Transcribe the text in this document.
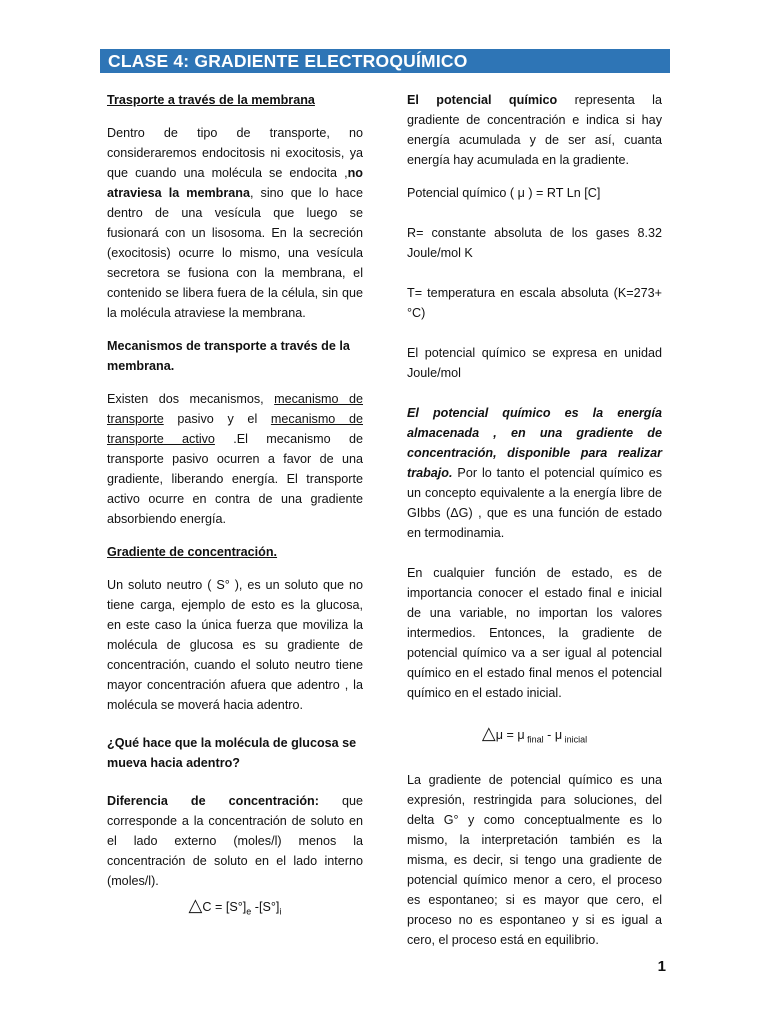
CLASE 4: GRADIENTE ELECTROQUÍMICO	2014

Trasporte a través de la membrana

Dentro de tipo de transporte, no consideraremos endocitosis ni exocitosis, ya que cuando una molécula se endocita ,no atraviesa la membrana, sino que lo hace dentro de una vesícula que luego se fusionará con un lisosoma. En la secreción (exocitosis) ocurre lo mismo, una vesícula secretora se fusiona con la membrana, el contenido se libera fuera de la célula, sin que la molécula atraviese la membrana.

Mecanismos de transporte a través de la membrana.

Existen dos mecanismos, mecanismo de transporte pasivo y el mecanismo de transporte activo .El mecanismo de transporte pasivo ocurren a favor de una gradiente, liberando energía. El transporte activo ocurre en contra de una gradiente absorbiendo energía.

Gradiente de concentración.

Un soluto neutro ( S° ), es un soluto que no tiene carga, ejemplo de esto es la glucosa, en este caso la única fuerza que moviliza la molécula de glucosa es su gradiente de concentración, cuando el soluto neutro tiene mayor concentración afuera que adentro , la molécula se moverá hacia adentro.

¿Qué hace que la molécula de glucosa se mueva hacia adentro?

Diferencia de concentración: que corresponde a la concentración de soluto en el lado externo (moles/l) menos la concentración de soluto en el lado interno (moles/l).

△C = $[S^\circ]_e$ $-[S^\circ]_i$

El potencial químico representa la gradiente de concentración e indica si hay energía acumulada y de ser así, cuanta energía hay acumulada en la gradiente.

Potencial químico ( μ ) = RT Ln [C]

R= constante absoluta de los gases 8.32 Joule/mol K

T= temperatura en escala absoluta (K=273+°C)

El potencial químico se expresa en unidad Joule/mol

El potencial químico es la energía almacenada , en una gradiente de concentración, disponible para realizar trabajo. Por lo tanto el potencial químico es un concepto equivalente a la energía libre de GIbbs (ΔG) , que es una función de estado en termodinamia.

En cualquier función de estado, es de importancia conocer el estado final e inicial de una variable, no importan los valores intermedios. Entonces, la gradiente de potencial químico va a ser igual al potencial químico en el estado final menos el potencial químico en el estado inicial.

△μ = μ $_{final}$ - μ $_{inicial}$

La gradiente de potencial químico es una expresión, restringida para soluciones, del delta G° y como conceptualmente es lo mismo, la interpretación también es la misma, es decir, si tengo una gradiente de potencial químico menor a cero, el proceso es espontaneo; si es mayor que cero, el proceso no es espontaneo y si es igual a cero, el proceso está en equilibrio.

1
